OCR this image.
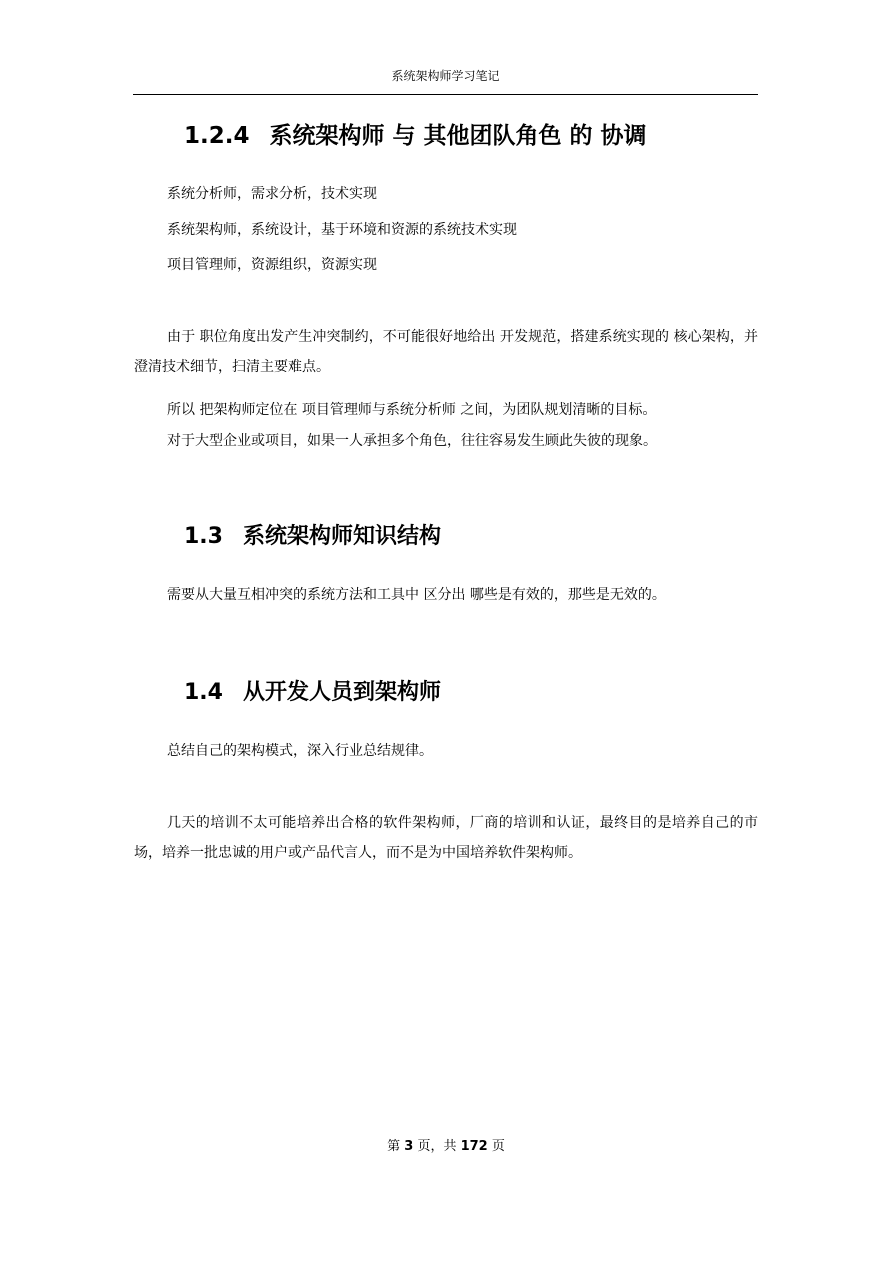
系统架构师学习笔记
1.2.4 系统架构师 与 其他团队角色 的 协调

系统分析师，需求分析，技术实现

系统架构师，系统设计，基于环境和资源的系统技术实现

项目管理师，资源组织，资源实现

由于 职位角度出发产生冲突制约，不可能很好地给出 开发规范，搭建系统实现的 核心架构，并澄清技术细节，扫清主要难点。

所以 把架构师定位在 项目管理师与系统分析师 之间，为团队规划清晰的目标。

对于大型企业或项目，如果一人承担多个角色，往往容易发生顾此失彼的现象。

1.3 系统架构师知识结构

需要从大量互相冲突的系统方法和工具中 区分出 哪些是有效的，那些是无效的。

1.4 从开发人员到架构师

总结自己的架构模式，深入行业总结规律。

几天的培训不太可能培养出合格的软件架构师，厂商的培训和认证，最终目的是培养自己的市场，培养一批忠诚的用户或产品代言人，而不是为中国培养软件架构师。

第 3 页，共 172 页
